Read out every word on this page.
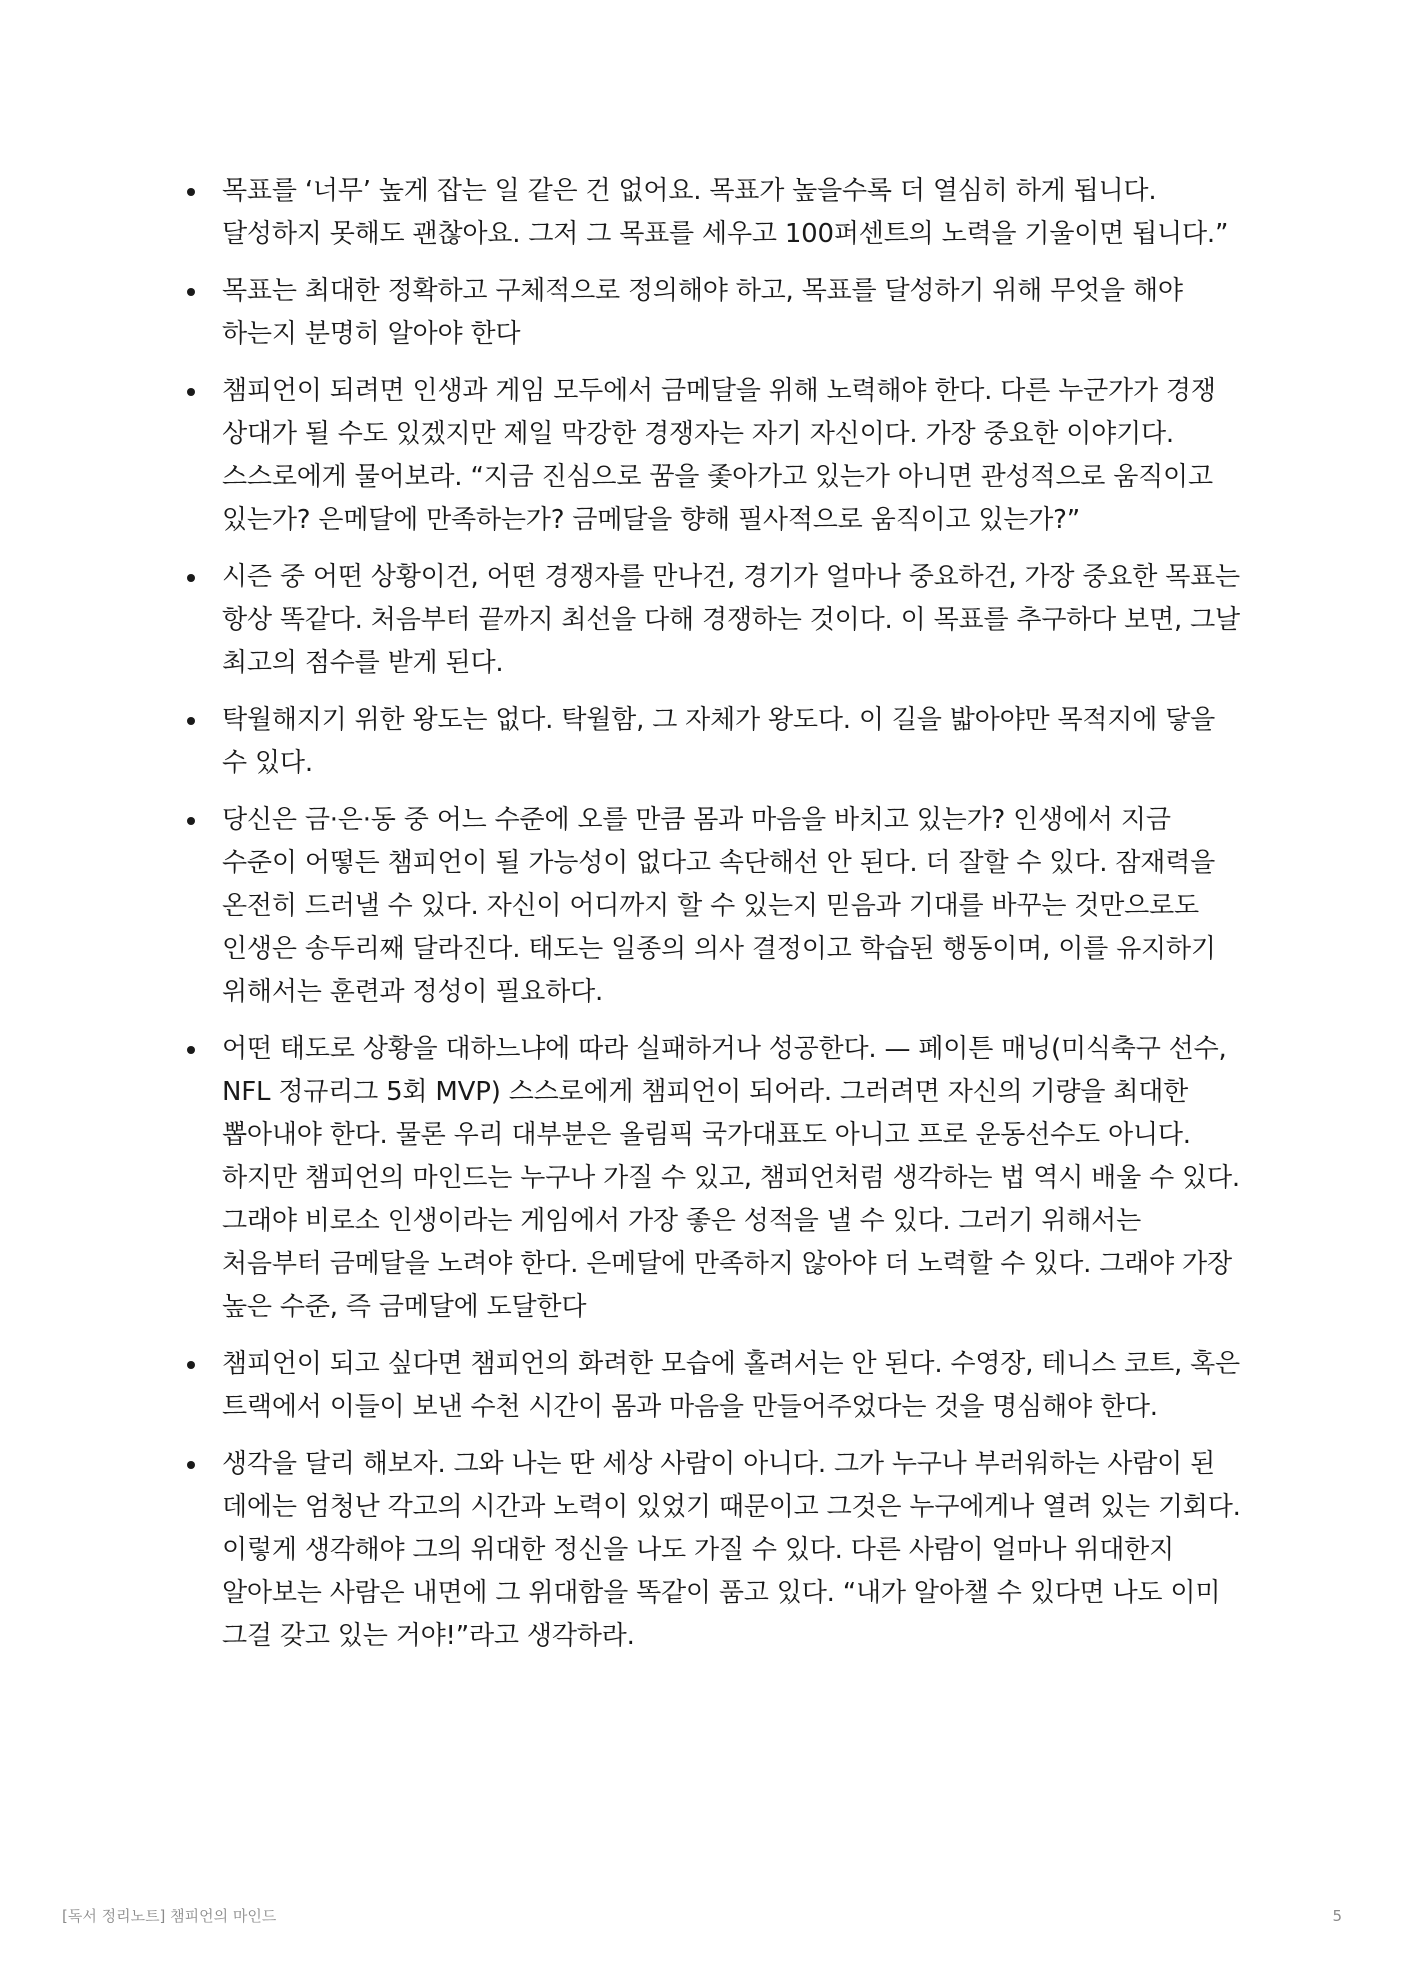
목표를 ‘너무’ 높게 잡는 일 같은 건 없어요. 목표가 높을수록 더 열심히 하게 됩니다. 달성하지 못해도 괜찮아요. 그저 그 목표를 세우고 100퍼센트의 노력을 기울이면 됩니다.”
목표는 최대한 정확하고 구체적으로 정의해야 하고, 목표를 달성하기 위해 무엇을 해야 하는지 분명히 알아야 한다
챔피언이 되려면 인생과 게임 모두에서 금메달을 위해 노력해야 한다. 다른 누군가가 경쟁 상대가 될 수도 있겠지만 제일 막강한 경쟁자는 자기 자신이다. 가장 중요한 이야기다. 스스로에게 물어보라. “지금 진심으로 꿈을 좇아가고 있는가 아니면 관성적으로 움직이고 있는가? 은메달에 만족하는가? 금메달을 향해 필사적으로 움직이고 있는가?”
시즌 중 어떤 상황이건, 어떤 경쟁자를 만나건, 경기가 얼마나 중요하건, 가장 중요한 목표는 항상 똑같다. 처음부터 끝까지 최선을 다해 경쟁하는 것이다. 이 목표를 추구하다 보면, 그날 최고의 점수를 받게 된다.
탁월해지기 위한 왕도는 없다. 탁월함, 그 자체가 왕도다. 이 길을 밟아야만 목적지에 닿을 수 있다.
당신은 금·은·동 중 어느 수준에 오를 만큼 몸과 마음을 바치고 있는가? 인생에서 지금 수준이 어떻든 챔피언이 될 가능성이 없다고 속단해선 안 된다. 더 잘할 수 있다. 잠재력을 온전히 드러낼 수 있다. 자신이 어디까지 할 수 있는지 믿음과 기대를 바꾸는 것만으로도 인생은 송두리째 달라진다. 태도는 일종의 의사 결정이고 학습된 행동이며, 이를 유지하기 위해서는 훈련과 정성이 필요하다.
어떤 태도로 상황을 대하느냐에 따라 실패하거나 성공한다. — 페이튼 매닝(미식축구 선수, NFL 정규리그 5회 MVP) 스스로에게 챔피언이 되어라. 그러려면 자신의 기량을 최대한 뽑아내야 한다. 물론 우리 대부분은 올림픽 국가대표도 아니고 프로 운동선수도 아니다. 하지만 챔피언의 마인드는 누구나 가질 수 있고, 챔피언처럼 생각하는 법 역시 배울 수 있다. 그래야 비로소 인생이라는 게임에서 가장 좋은 성적을 낼 수 있다. 그러기 위해서는 처음부터 금메달을 노려야 한다. 은메달에 만족하지 않아야 더 노력할 수 있다. 그래야 가장 높은 수준, 즉 금메달에 도달한다
챔피언이 되고 싶다면 챔피언의 화려한 모습에 홀려서는 안 된다. 수영장, 테니스 코트, 혹은 트랙에서 이들이 보낸 수천 시간이 몸과 마음을 만들어주었다는 것을 명심해야 한다.
생각을 달리 해보자. 그와 나는 딴 세상 사람이 아니다. 그가 누구나 부러워하는 사람이 된 데에는 엄청난 각고의 시간과 노력이 있었기 때문이고 그것은 누구에게나 열려 있는 기회다. 이렇게 생각해야 그의 위대한 정신을 나도 가질 수 있다. 다른 사람이 얼마나 위대한지 알아보는 사람은 내면에 그 위대함을 똑같이 품고 있다. “내가 알아챌 수 있다면 나도 이미 그걸 갖고 있는 거야!”라고 생각하라.
[독서 정리노트] 챔피언의 마인드	5
